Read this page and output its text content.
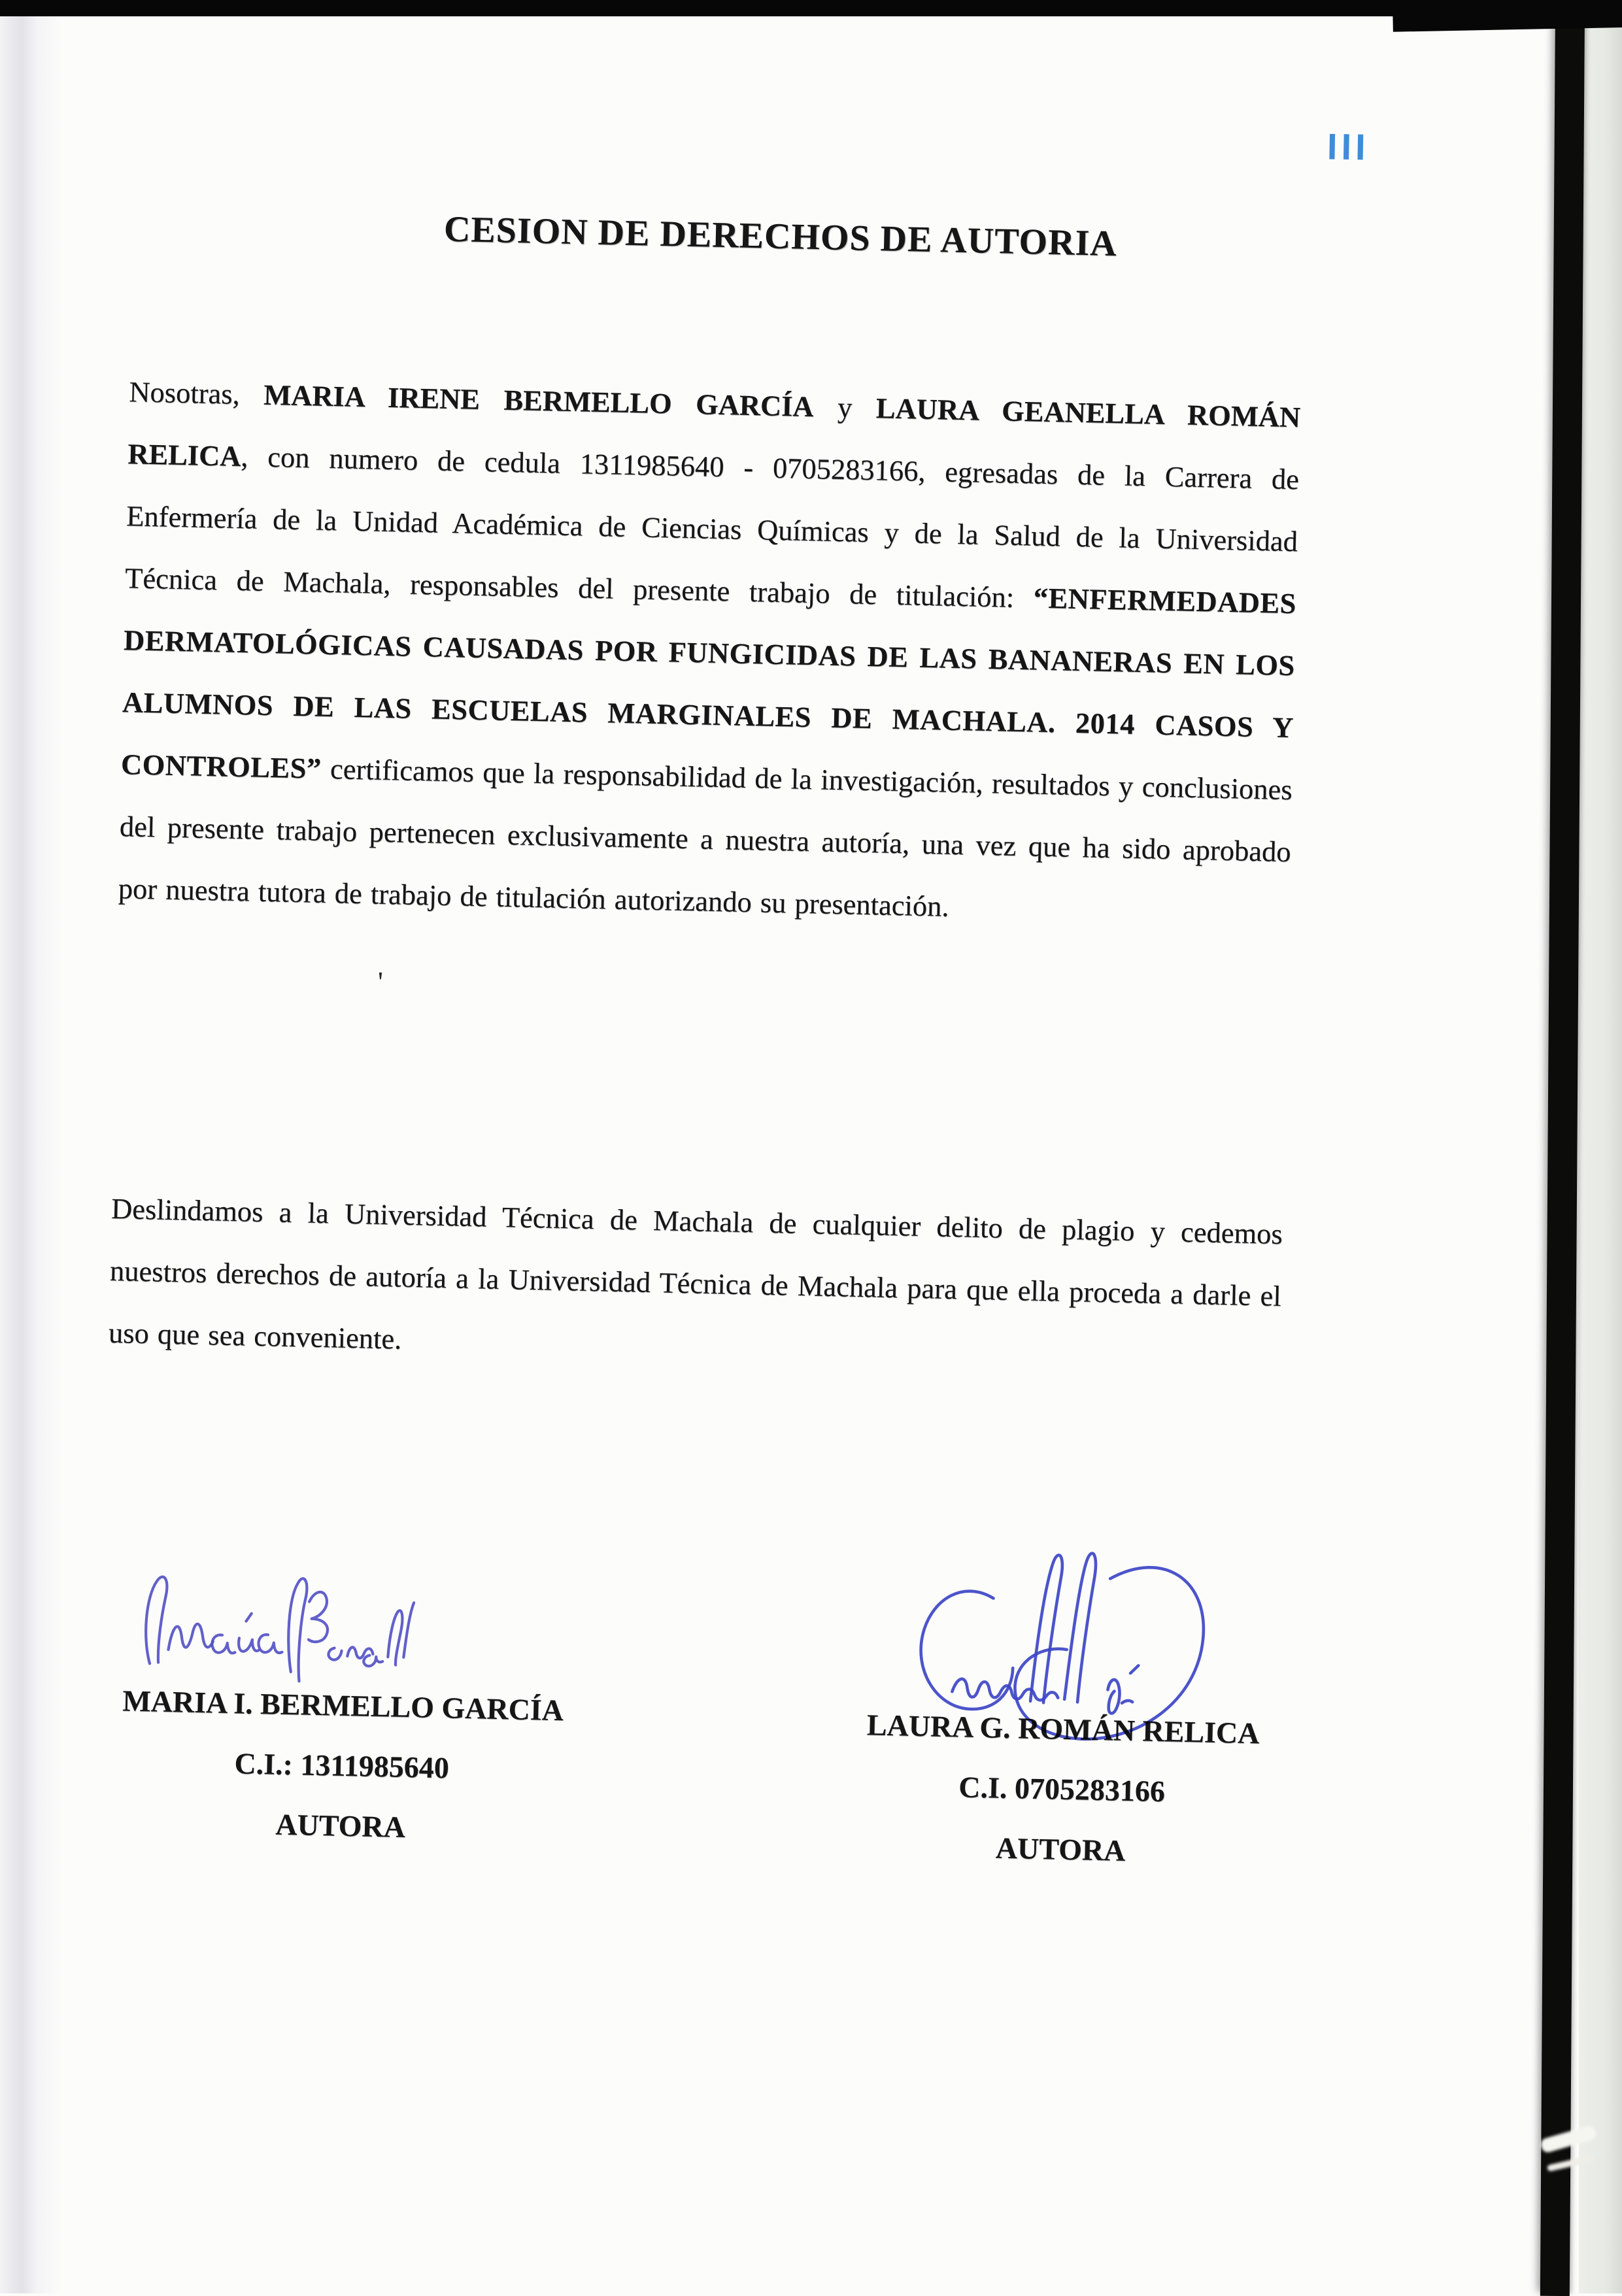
III
CESION DE DERECHOS DE AUTORIA

Nosotras, MARIA IRENE BERMELLO GARCÍA y LAURA GEANELLA ROMÁN RELICA, con numero de cedula 1311985640 - 0705283166, egresadas de la Carrera de Enfermería de la Unidad Académica de Ciencias Químicas y de la Salud de la Universidad Técnica de Machala, responsables del presente trabajo de titulación: “ENFERMEDADES DERMATOLÓGICAS CAUSADAS POR FUNGICIDAS DE LAS BANANERAS EN LOS ALUMNOS DE LAS ESCUELAS MARGINALES DE MACHALA. 2014 CASOS Y CONTROLES” certificamos que la responsabilidad de la investigación, resultados y conclusiones del presente trabajo pertenecen exclusivamente a nuestra autoría, una vez que ha sido aprobado por nuestra tutora de trabajo de titulación autorizando su presentación.

'

Deslindamos a la Universidad Técnica de Machala de cualquier delito de plagio y cedemos nuestros derechos de autoría a la Universidad Técnica de Machala para que ella proceda a darle el uso que sea conveniente.

MARIA I. BERMELLO GARCÍA
C.I.: 1311985640
AUTORA
LAURA G. ROMÁN RELICA
C.I. 0705283166
AUTORA
